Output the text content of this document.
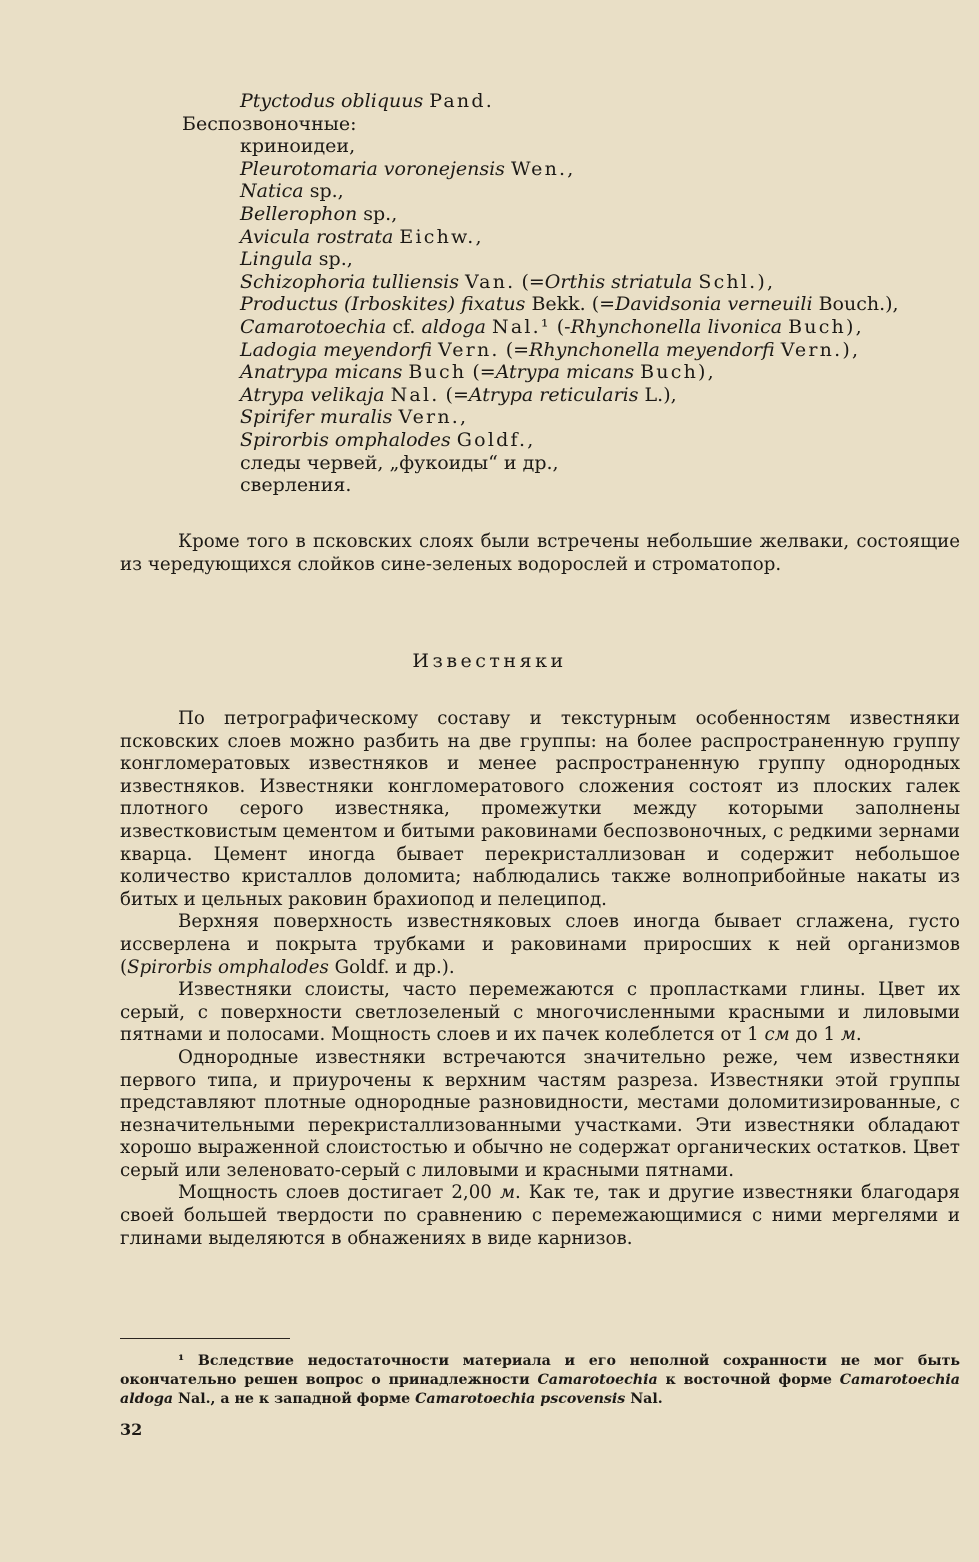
Ptyctodus obliquus Pand.
Беспозвоночные:
криноидеи,
Pleurotomaria voronejensis Wen.,
Natica sp.,
Bellerophon sp.,
Avicula rostrata Eichw.,
Lingula sp.,
Schizophoria tulliensis Van. (=Orthis striatula Schl.),
Productus (Irboskites) fixatus Bekk. (=Davidsonia verneuili Bouch.),
Camarotoechia cf. aldoga Nal.¹ (-Rhynchonella livonica Buch),
Ladogia meyendorfi Vern. (=Rhynchonella meyendorfi Vern.),
Anatrypa micans Buch (=Atrypa micans Buch),
Atrypa velikaja Nal. (=Atrypa reticularis L.),
Spirifer muralis Vern.,
Spirorbis omphalodes Goldf.,
следы червей, „фукоиды“ и др.,
сверления.

Кроме того в псковских слоях были встречены небольшие желваки, состоящие из чередующихся слойков сине-зеленых водорослей и строматопор.

Известняки

По петрографическому составу и текстурным особенностям известняки псковских слоев можно разбить на две группы: на более распространенную группу конгломератовых известняков и менее распространенную группу однородных известняков. Известняки конгломератового сложения состоят из плоских галек плотного серого известняка, промежутки между которыми заполнены известковистым цементом и битыми раковинами беспозвоночных, с редкими зернами кварца. Цемент иногда бывает перекристаллизован и содержит небольшое количество кристаллов доломита; наблюдались также волноприбойные накаты из битых и цельных раковин брахиопод и пелеципод.

Верхняя поверхность известняковых слоев иногда бывает сглажена, густо иссверлена и покрыта трубками и раковинами приросших к ней организмов (Spirorbis omphalodes Goldf. и др.).

Известняки слоисты, часто перемежаются с пропластками глины. Цвет их серый, с поверхности светлозеленый с многочисленными красными и лиловыми пятнами и полосами. Мощность слоев и их пачек колеблется от 1 см до 1 м.

Однородные известняки встречаются значительно реже, чем известняки первого типа, и приурочены к верхним частям разреза. Известняки этой группы представляют плотные однородные разновидности, местами доломитизированные, с незначительными перекристаллизованными участками. Эти известняки обладают хорошо выраженной слоистостью и обычно не содержат органических остатков. Цвет серый или зеленовато-серый с лиловыми и красными пятнами.

Мощность слоев достигает 2,00 м. Как те, так и другие известняки благодаря своей большей твердости по сравнению с перемежающимися с ними мергелями и глинами выделяются в обнажениях в виде карнизов.

¹ Вследствие недостаточности материала и его неполной сохранности не мог быть окончательно решен вопрос о принадлежности Camarotoechia к восточной форме Camarotoechia aldoga Nal., а не к западной форме Camarotoechia pscovensis Nal.

32
